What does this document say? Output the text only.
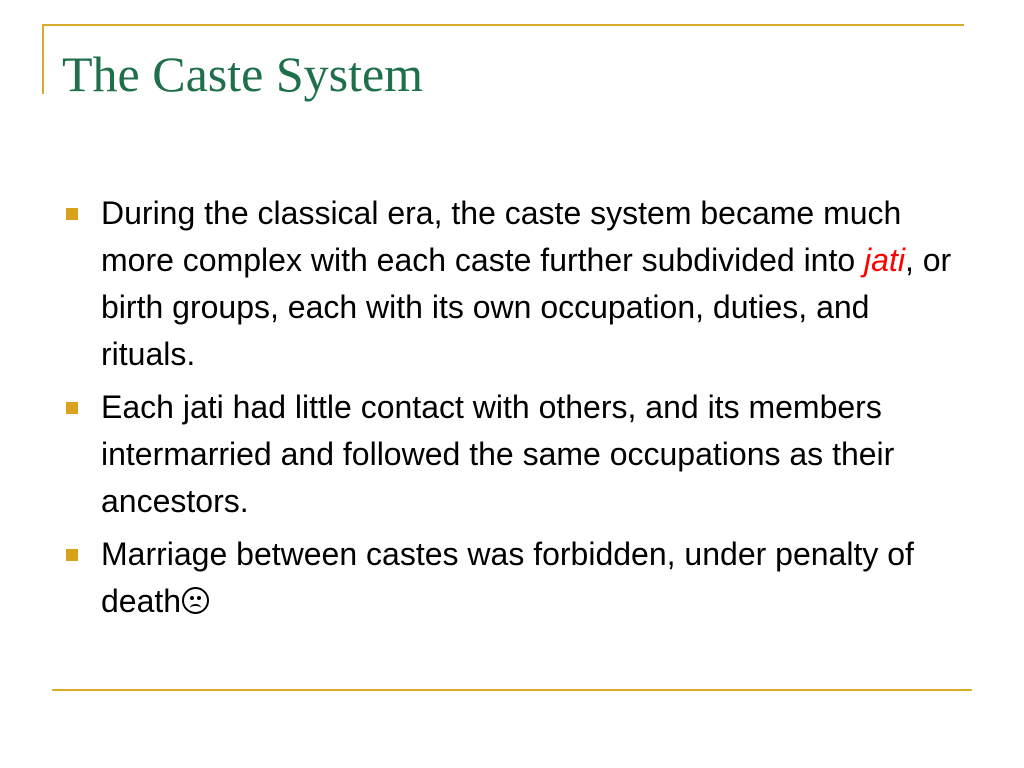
The Caste System
During the classical era, the caste system became much more complex with each caste further subdivided into jati, or birth groups, each with its own occupation, duties, and rituals.
Each jati had little contact with others, and its members intermarried and followed the same occupations as their ancestors.
Marriage between castes was forbidden, under penalty of death
